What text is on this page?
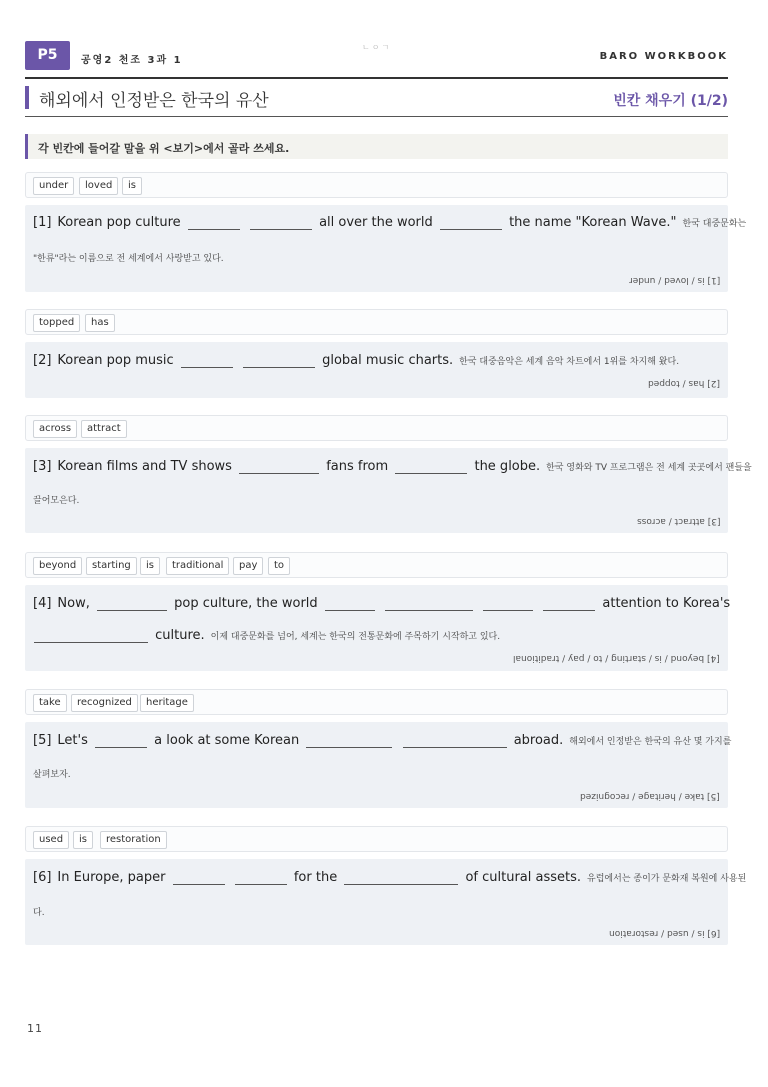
P5	공영2 천조 3과 1	BARO WORKBOOK
ㄴㅇㄱ
해외에서 인정받은 한국의 유산	빈칸 채우기 (1/2)
각 빈칸에 들어갈 말을 위 <보기>에서 골라 쓰세요.
under	loved	is
[1] Korean pop culture	all over the world	the name "Korean Wave." 한국 대중문화는
"한류"라는 이름으로 전 세계에서 사랑받고 있다.
[1] is / loved / under
topped	has
[2] Korean pop music	global music charts. 한국 대중음악은 세계 음악 차트에서 1위를 차지해 왔다.
[2] has / topped
across	attract
[3] Korean films and TV shows	fans from	the globe. 한국 영화와 TV 프로그램은 전 세계 곳곳에서 팬들을
끌어모은다.
[3] attract / across
beyond	starting	is	traditional	pay	to
[4] Now,	pop culture, the world	attention to Korea's
culture. 이제 대중문화를 넘어, 세계는 한국의 전통문화에 주목하기 시작하고 있다.
[4] beyond / is / starting / to / pay / traditional
take	recognized	heritage
[5] Let's	a look at some Korean	abroad. 해외에서 인정받은 한국의 유산 몇 가지를
살펴보자.
[5] take / heritage / recognized
used	is	restoration
[6] In Europe, paper	for the	of cultural assets. 유럽에서는 종이가 문화재 복원에 사용된
다.
[6] is / used / restoration
11
